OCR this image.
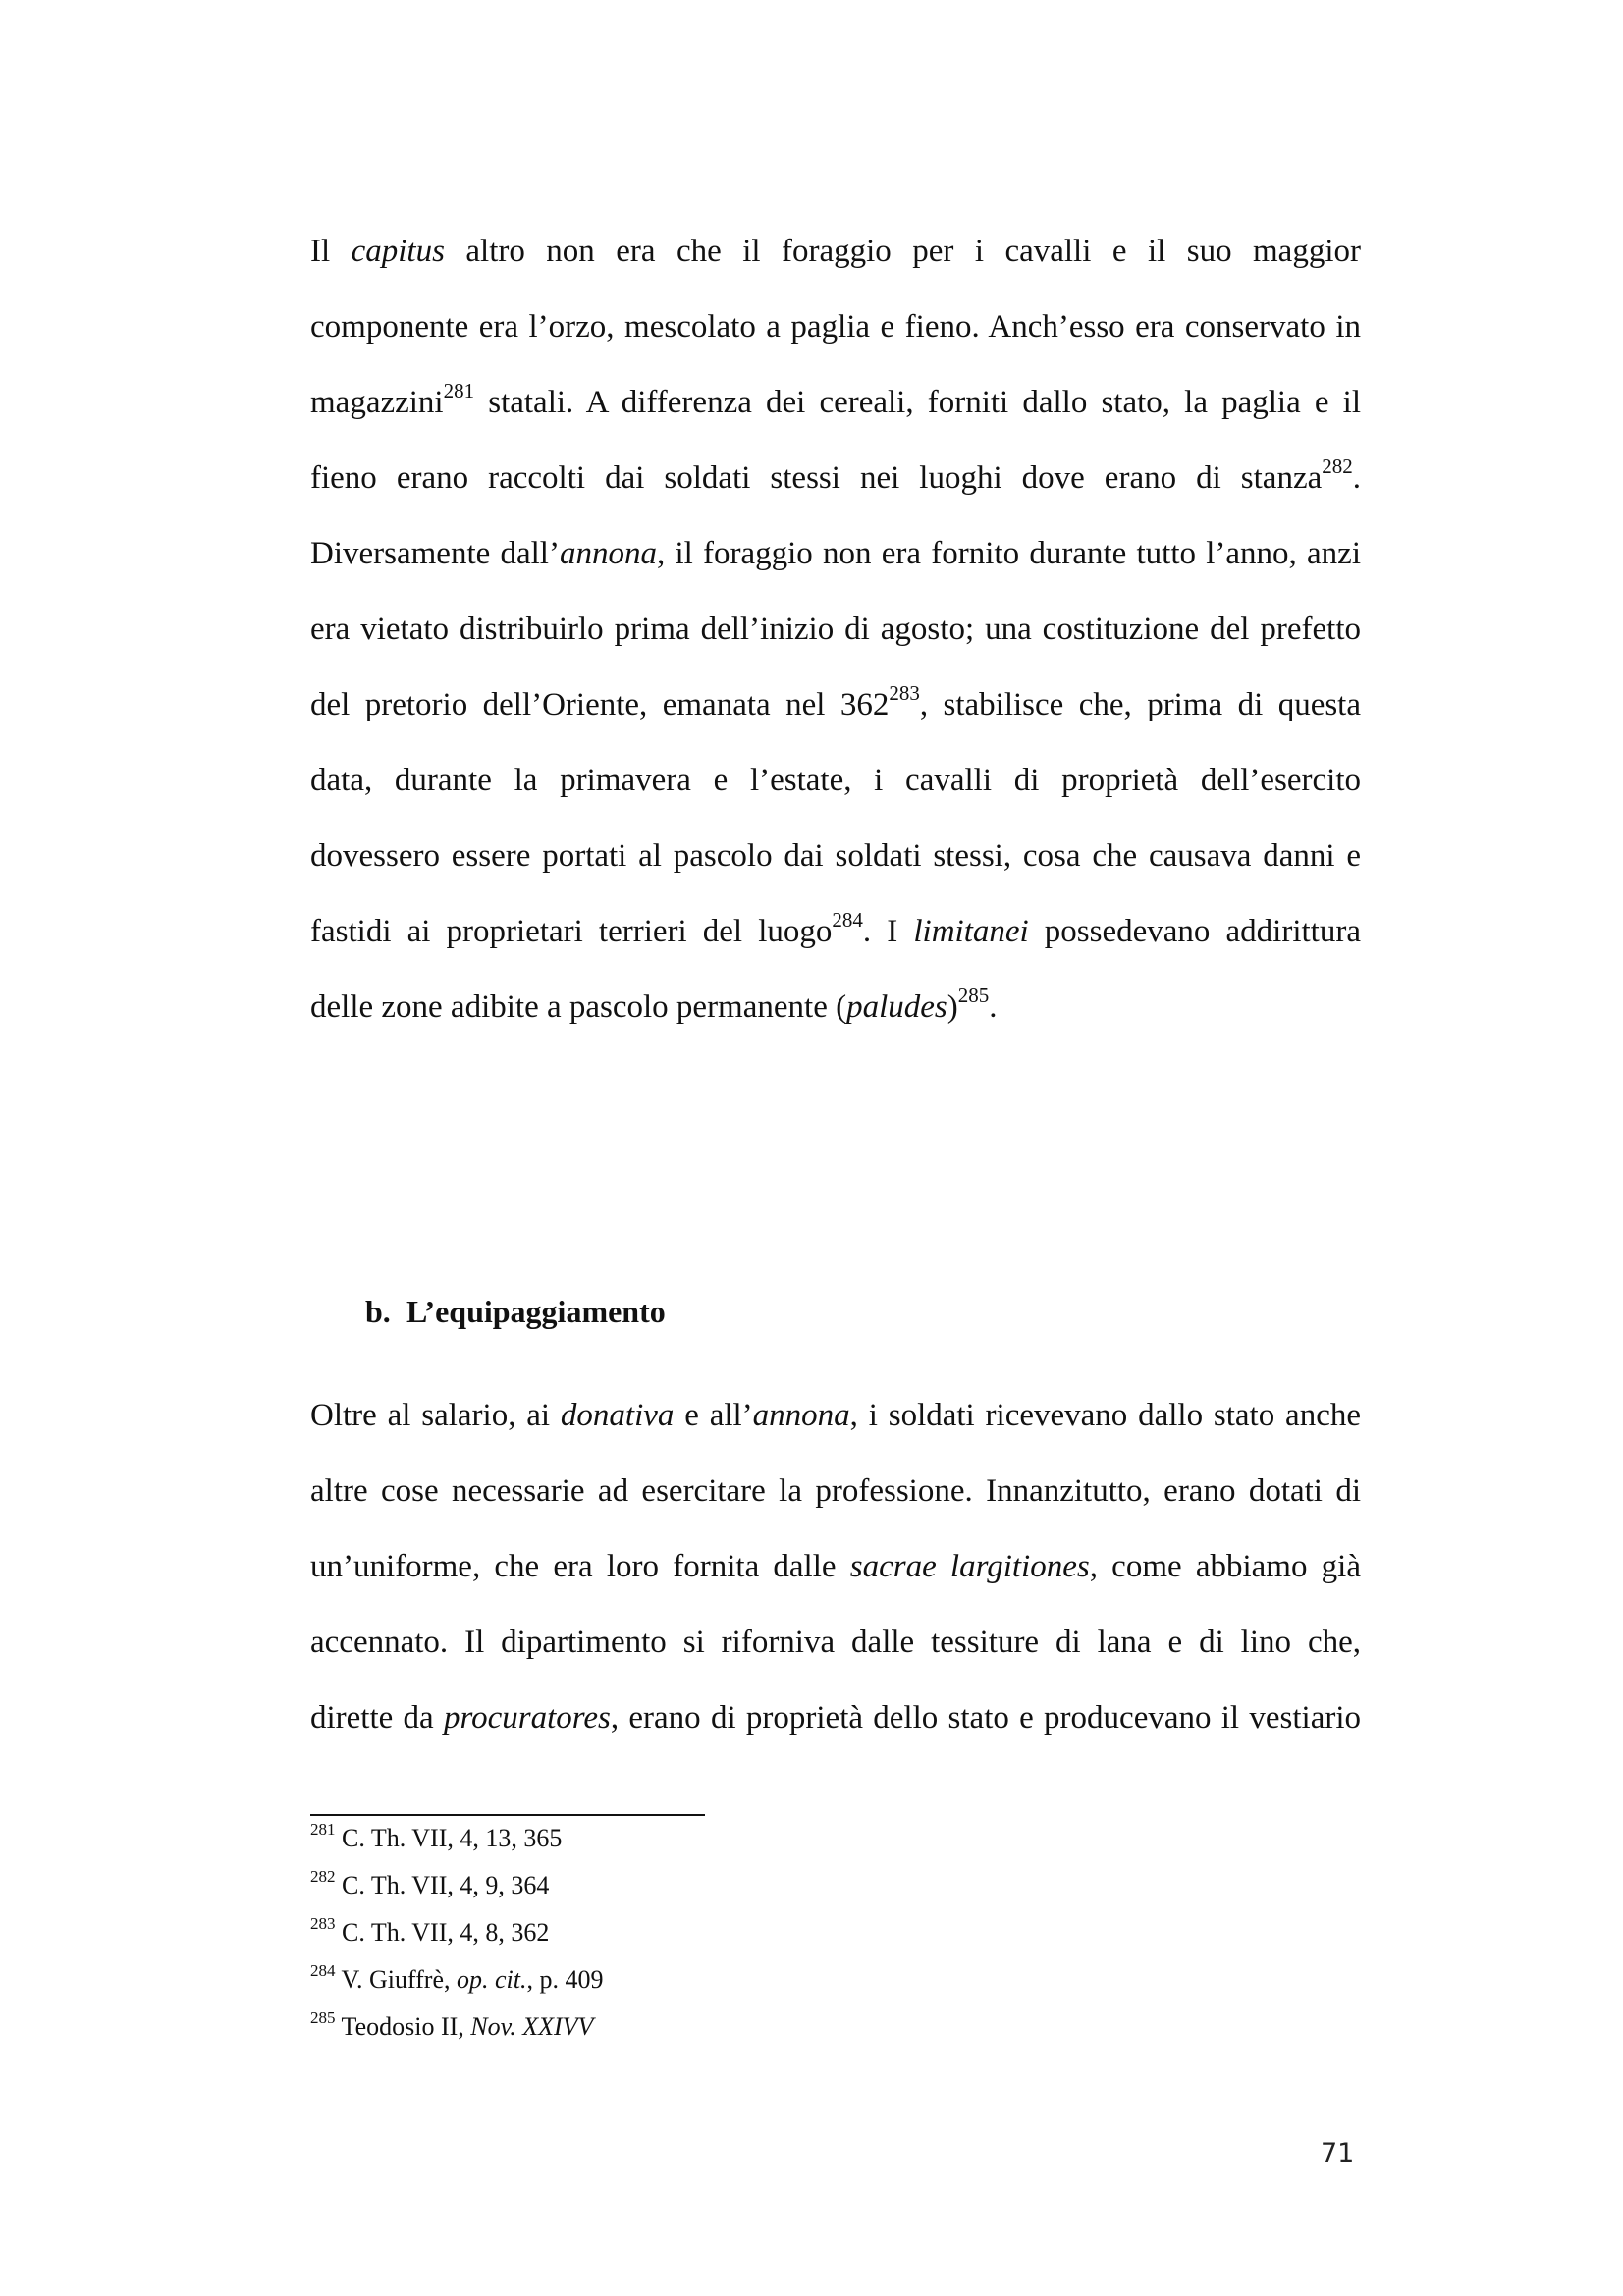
Il capitus altro non era che il foraggio per i cavalli e il suo maggior
componente era l’orzo, mescolato a paglia e fieno. Anch’esso era conservato in
magazzini$^{281}$ statali. A differenza dei cereali, forniti dallo stato, la paglia e il
fieno erano raccolti dai soldati stessi nei luoghi dove erano di stanza$^{282}$.
Diversamente dall’annona, il foraggio non era fornito durante tutto l’anno, anzi
era vietato distribuirlo prima dell’inizio di agosto; una costituzione del prefetto
del pretorio dell’Oriente, emanata nel $362^{283}$, stabilisce che, prima di questa
data, durante la primavera e l’estate, i cavalli di proprietà dell’esercito
dovessero essere portati al pascolo dai soldati stessi, cosa che causava danni e
fastidi ai proprietari terrieri del luogo$^{284}$. I limitanei possedevano addirittura
delle zone adibite a pascolo permanente (paludes)$^{285}$.
b. L’equipaggiamento
Oltre al salario, ai donativa e all’annona, i soldati ricevevano dallo stato anche
altre cose necessarie ad esercitare la professione. Innanzitutto, erano dotati di
un’uniforme, che era loro fornita dalle sacrae largitiones, come abbiamo già
accennato. Il dipartimento si riforniva dalle tessiture di lana e di lino che,
dirette da procuratores, erano di proprietà dello stato e producevano il vestiario
$^{281}$ C. Th. VII, 4, 13, 365
$^{282}$ C. Th. VII, 4, 9, 364
$^{283}$ C. Th. VII, 4, 8, 362
$^{284}$ V. Giuffrè, op. cit., p. 409
$^{285}$ Teodosio II, Nov. XXIVV
71
